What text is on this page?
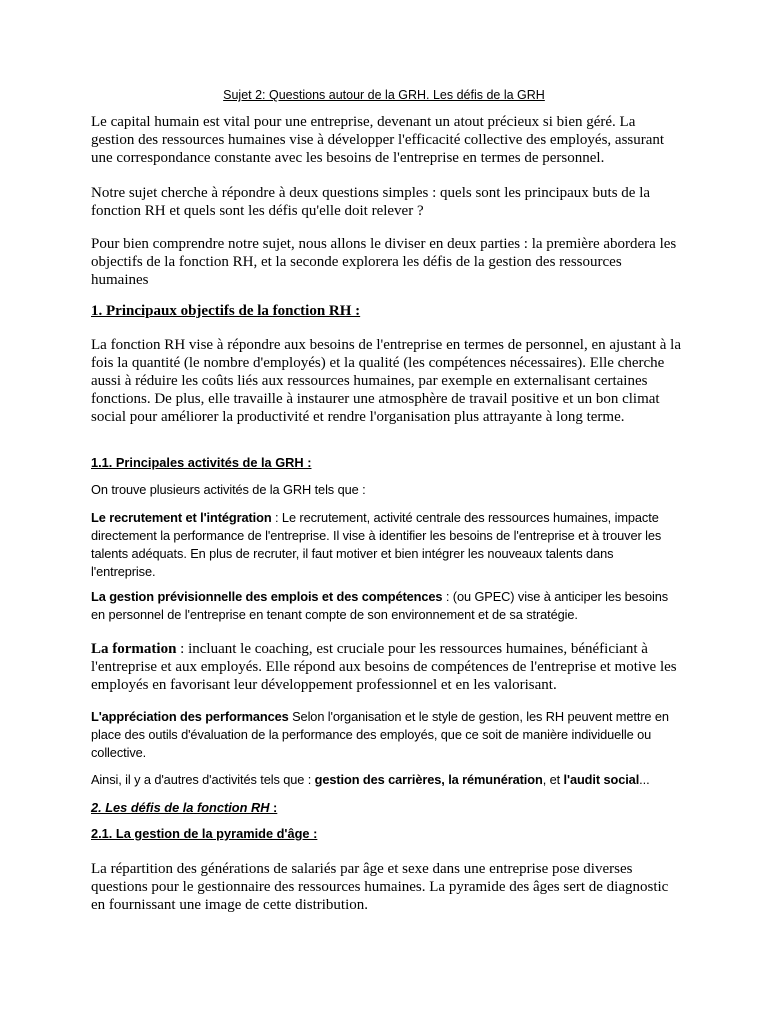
Sujet 2: Questions autour de la GRH. Les défis de la GRH

Le capital humain est vital pour une entreprise, devenant un atout précieux si bien géré. La gestion des ressources humaines vise à développer l'efficacité collective des employés, assurant une correspondance constante avec les besoins de l'entreprise en termes de personnel.

Notre sujet cherche à répondre à deux questions simples : quels sont les principaux buts de la fonction RH et quels sont les défis qu'elle doit relever ?

Pour bien comprendre notre sujet, nous allons le diviser en deux parties : la première abordera les objectifs de la fonction RH, et la seconde explorera les défis de la gestion des ressources humaines

1. Principaux objectifs de la fonction RH :

La fonction RH vise à répondre aux besoins de l'entreprise en termes de personnel, en ajustant à la fois la quantité (le nombre d'employés) et la qualité (les compétences nécessaires). Elle cherche aussi à réduire les coûts liés aux ressources humaines, par exemple en externalisant certaines fonctions. De plus, elle travaille à instaurer une atmosphère de travail positive et un bon climat social pour améliorer la productivité et rendre l'organisation plus attrayante à long terme.

1.1. Principales activités de la GRH :

On trouve plusieurs activités de la GRH tels que :

Le recrutement et l'intégration : Le recrutement, activité centrale des ressources humaines, impacte directement la performance de l'entreprise. Il vise à identifier les besoins de l'entreprise et à trouver les talents adéquats. En plus de recruter, il faut motiver et bien intégrer les nouveaux talents dans l'entreprise.

La gestion prévisionnelle des emplois et des compétences : (ou GPEC) vise à anticiper les besoins en personnel de l'entreprise en tenant compte de son environnement et de sa stratégie.

La formation : incluant le coaching, est cruciale pour les ressources humaines, bénéficiant à l'entreprise et aux employés. Elle répond aux besoins de compétences de l'entreprise et motive les employés en favorisant leur développement professionnel et en les valorisant.

L'appréciation des performances Selon l'organisation et le style de gestion, les RH peuvent mettre en place des outils d'évaluation de la performance des employés, que ce soit de manière individuelle ou collective.

Ainsi, il y a d'autres d'activités tels que : gestion des carrières, la rémunération, et l'audit social...

2. Les défis de la fonction RH :

2.1. La gestion de la pyramide d'âge :

La répartition des générations de salariés par âge et sexe dans une entreprise pose diverses questions pour le gestionnaire des ressources humaines. La pyramide des âges sert de diagnostic en fournissant une image de cette distribution.
